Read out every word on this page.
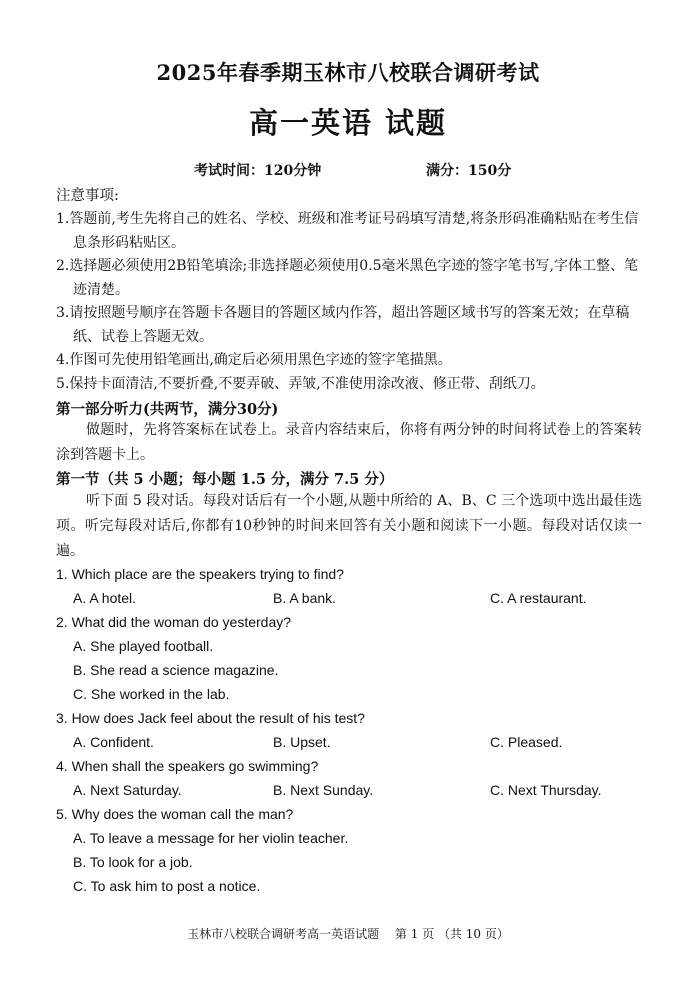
2025年春季期玉林市八校联合调研考试
高一英语 试题
考试时间：120分钟	满分：150分
注意事项:
1.答题前,考生先将自己的姓名、学校、班级和准考证号码填写清楚,将条形码准确粘贴在考生信息条形码粘贴区。
2.选择题必须使用2B铅笔填涂;非选择题必须使用0.5毫米黑色字迹的签字笔书写,字体工整、笔迹清楚。
3.请按照题号顺序在答题卡各题目的答题区域内作答，超出答题区域书写的答案无效；在草稿纸、试卷上答题无效。
4.作图可先使用铅笔画出,确定后必须用黑色字迹的签字笔描黑。
5.保持卡面清洁,不要折叠,不要弄破、弄皱,不准使用涂改液、修正带、刮纸刀。
第一部分听力(共两节，满分30分)
做题时，先将答案标在试卷上。录音内容结束后，你将有两分钟的时间将试卷上的答案转涂到答题卡上。
第一节（共 5 小题；每小题 1.5 分，满分 7.5 分）
听下面 5 段对话。每段对话后有一个小题,从题中所给的 A、B、C 三个选项中选出最佳选项。听完每段对话后,你都有10秒钟的时间来回答有关小题和阅读下一小题。每段对话仅读一遍。
1. Which place are the speakers trying to find?
A. A hotel.	B. A bank.	C. A restaurant.
2. What did the woman do yesterday?
A. She played football.
B. She read a science magazine.
C. She worked in the lab.
3. How does Jack feel about the result of his test?
A. Confident.	B. Upset.	C. Pleased.
4. When shall the speakers go swimming?
A. Next Saturday.	B. Next Sunday.	C. Next Thursday.
5. Why does the woman call the man?
A. To leave a message for her violin teacher.
B. To look for a job.
C. To ask him to post a notice.
玉林市八校联合调研考高一英语试题　 第 1 页 （共 10 页）
